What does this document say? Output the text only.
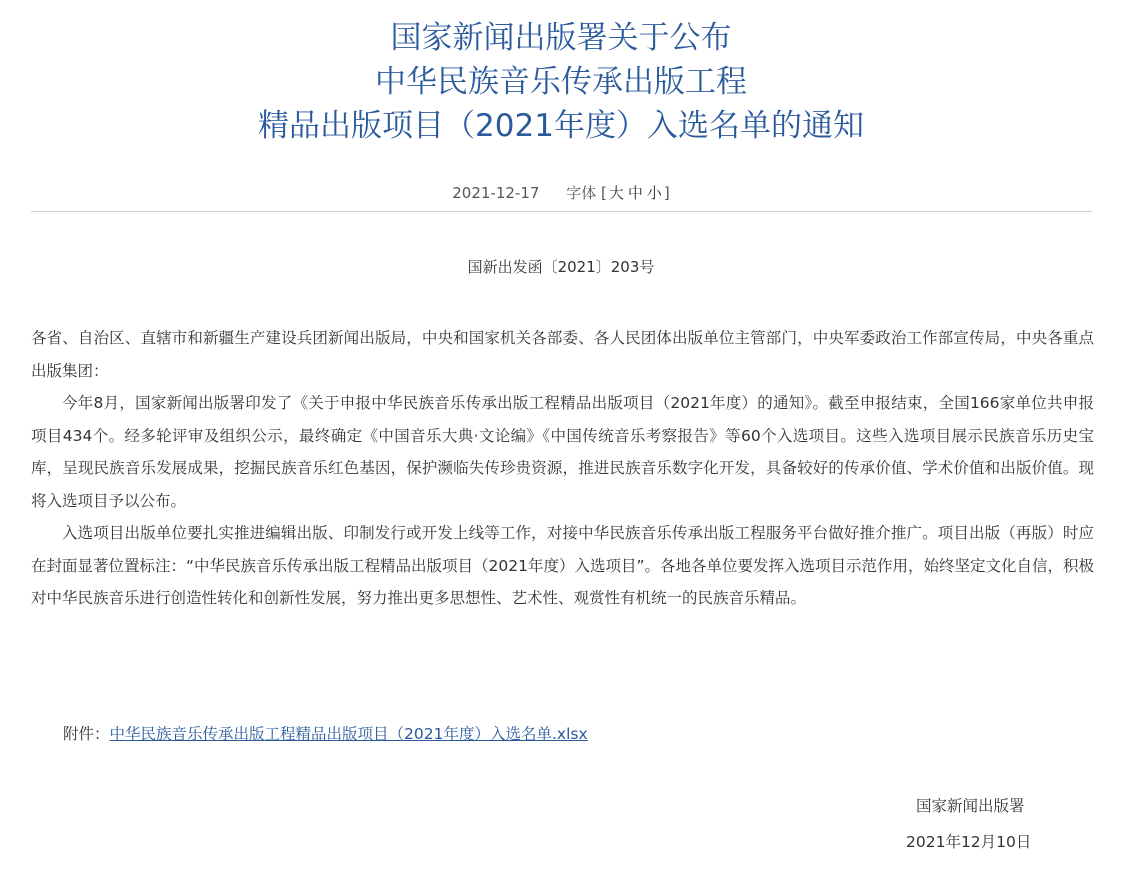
国家新闻出版署关于公布
中华民族音乐传承出版工程
精品出版项目（2021年度）入选名单的通知
2021-12-17 字体 [ 大 中 小 ]
国新出发函〔2021〕203号

各省、自治区、直辖市和新疆生产建设兵团新闻出版局，中央和国家机关各部委、各人民团体出版单位主管部门，中央军委政治工作部宣传局，中央各重点出版集团：

今年8月，国家新闻出版署印发了《关于申报中华民族音乐传承出版工程精品出版项目（2021年度）的通知》。截至申报结束，全国166家单位共申报项目434个。经多轮评审及组织公示，最终确定《中国音乐大典·文论编》《中国传统音乐考察报告》等60个入选项目。这些入选项目展示民族音乐历史宝库，呈现民族音乐发展成果，挖掘民族音乐红色基因，保护濒临失传珍贵资源，推进民族音乐数字化开发，具备较好的传承价值、学术价值和出版价值。现将入选项目予以公布。

入选项目出版单位要扎实推进编辑出版、印制发行或开发上线等工作，对接中华民族音乐传承出版工程服务平台做好推介推广。项目出版（再版）时应在封面显著位置标注：“中华民族音乐传承出版工程精品出版项目（2021年度）入选项目”。各地各单位要发挥入选项目示范作用，始终坚定文化自信，积极对中华民族音乐进行创造性转化和创新性发展，努力推出更多思想性、艺术性、观赏性有机统一的民族音乐精品。

附件：中华民族音乐传承出版工程精品出版项目（2021年度）入选名单.xlsx
国家新闻出版署
2021年12月10日
